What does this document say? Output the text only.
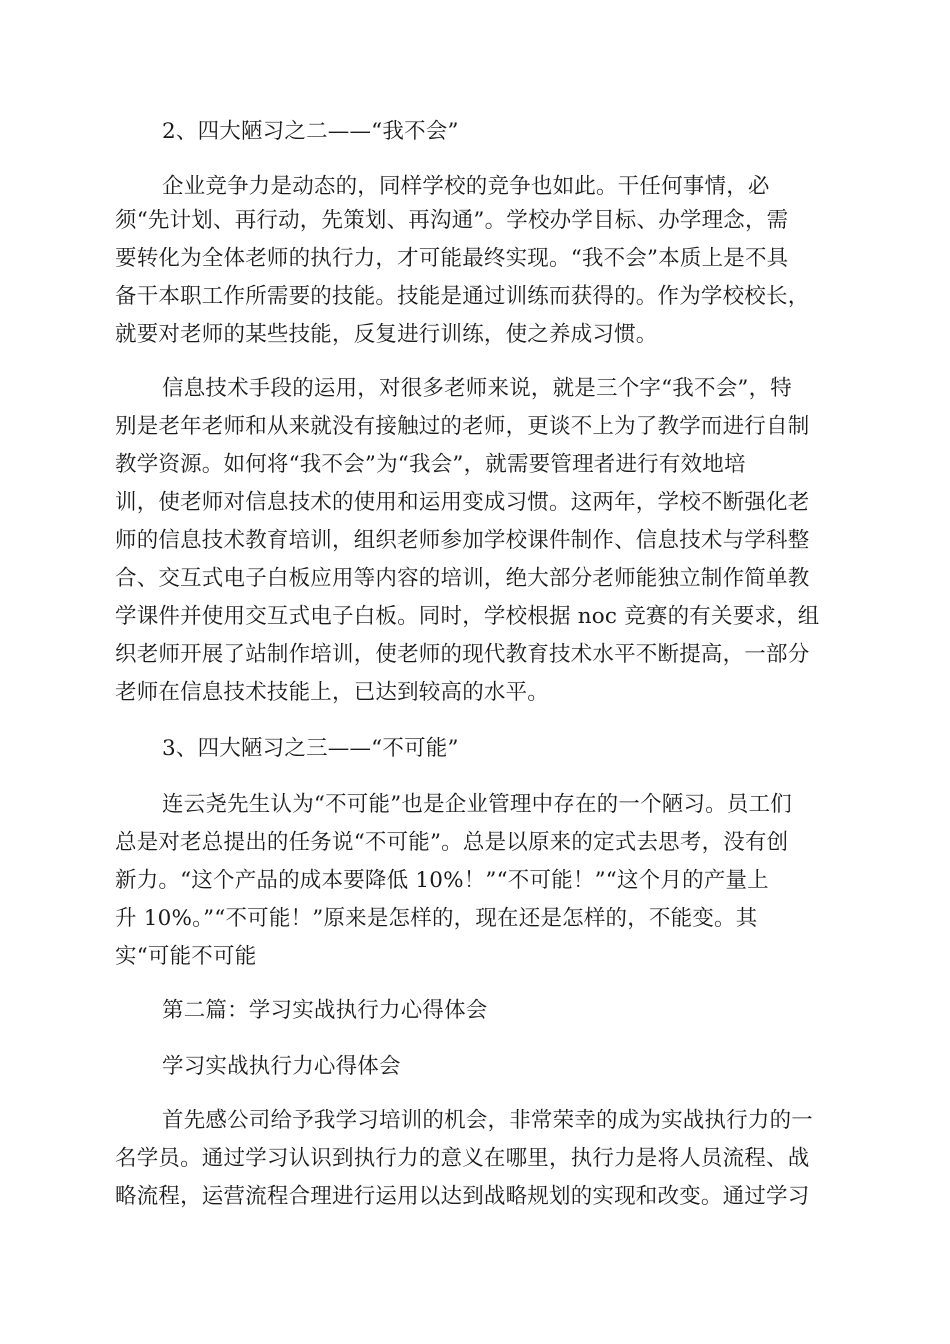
2、四大陋习之二——“我不会”
企业竞争力是动态的，同样学校的竞争也如此。干任何事情，必
须“先计划、再行动，先策划、再沟通”。学校办学目标、办学理念，需
要转化为全体老师的执行力，才可能最终实现。“我不会”本质上是不具
备干本职工作所需要的技能。技能是通过训练而获得的。作为学校校长，
就要对老师的某些技能，反复进行训练，使之养成习惯。
信息技术手段的运用，对很多老师来说，就是三个字“我不会”，特
别是老年老师和从来就没有接触过的老师，更谈不上为了教学而进行自制
教学资源。如何将“我不会”为“我会”，就需要管理者进行有效地培
训，使老师对信息技术的使用和运用变成习惯。这两年，学校不断强化老
师的信息技术教育培训，组织老师参加学校课件制作、信息技术与学科整
合、交互式电子白板应用等内容的培训，绝大部分老师能独立制作简单教
学课件并使用交互式电子白板。同时，学校根据 noc 竞赛的有关要求，组
织老师开展了站制作培训，使老师的现代教育技术水平不断提高，一部分
老师在信息技术技能上，已达到较高的水平。
3、四大陋习之三——“不可能”
连云尧先生认为“不可能”也是企业管理中存在的一个陋习。员工们
总是对老总提出的任务说“不可能”。总是以原来的定式去思考，没有创
新力。“这个产品的成本要降低 10%！”“不可能！”“这个月的产量上
升 10%。”“不可能！”原来是怎样的，现在还是怎样的，不能变。其
实“可能不可能
第二篇：学习实战执行力心得体会
学习实战执行力心得体会
首先感公司给予我学习培训的机会，非常荣幸的成为实战执行力的一
名学员。通过学习认识到执行力的意义在哪里，执行力是将人员流程、战
略流程，运营流程合理进行运用以达到战略规划的实现和改变。通过学习
